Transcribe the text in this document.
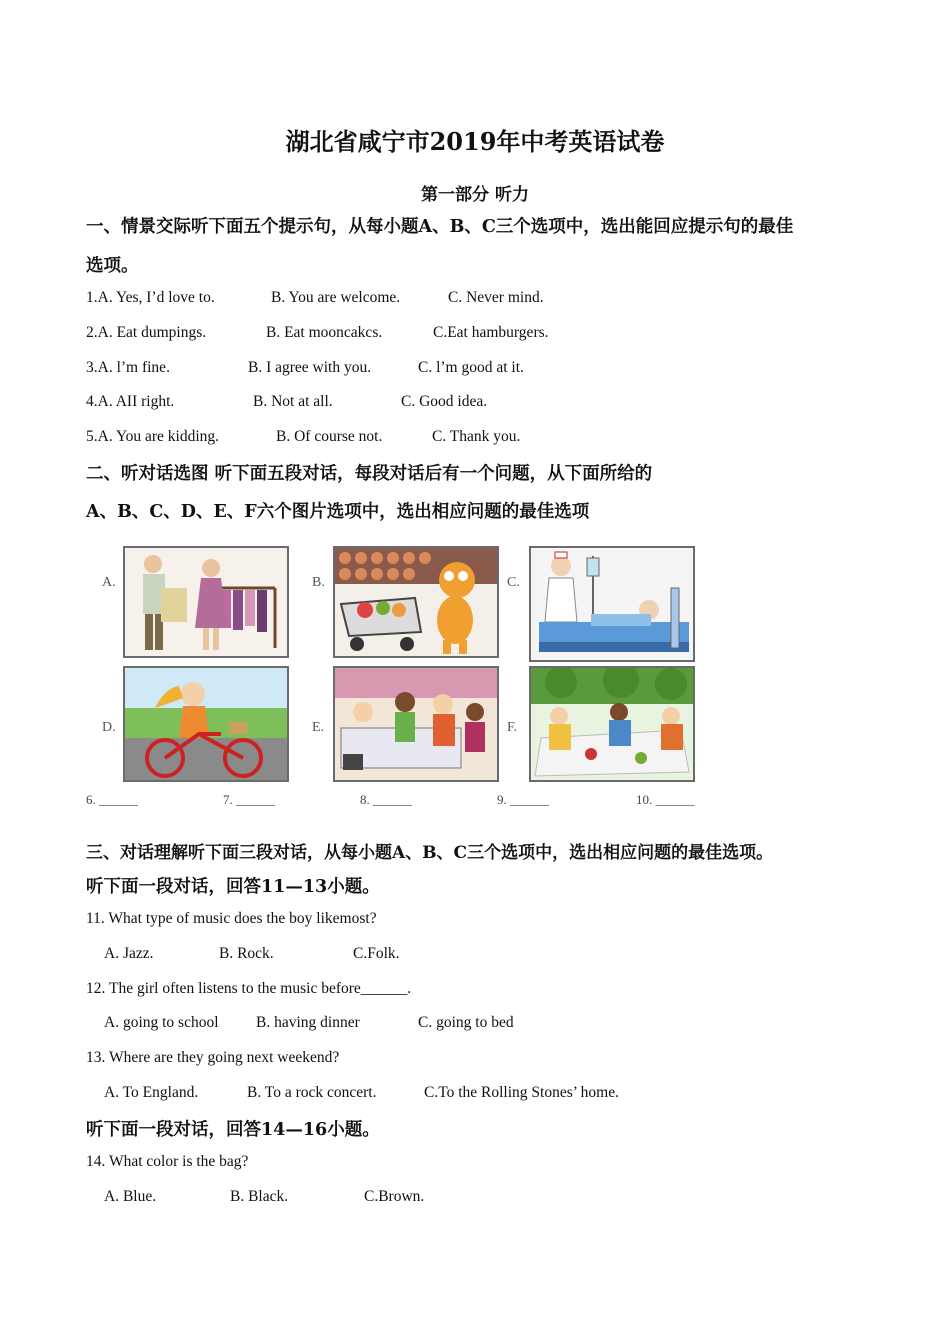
湖北省咸宁市2019年中考英语试卷
第一部分 听力
一、情景交际听下面五个提示句，从每小题A、B、C三个选项中，选出能回应提示句的最佳
选项。
1.A. Yes, I’d love to.	B. You are welcome.	C. Never mind.
2.A. Eat dumpings.	B. Eat mooncakcs.	C.Eat hamburgers.
3.A. l’m fine.	B. I agree with you.	C. l’m good at it.
4.A. AII right.	B. Not at all.	C. Good idea.
5.A. You are kidding.	B. Of course not.	C. Thank you.
二、听对话选图 听下面五段对话，每段对话后有一个问题，从下面所给的
A、B、C、D、E、F六个图片选项中，选出相应问题的最佳选项
A.	B.	C.
D.	E.	F.
6. ______	7. ______	8. ______	9. ______	10. ______
三、对话理解听下面三段对话，从每小题A、B、C三个选项中，选出相应问题的最佳选项。
听下面一段对话，回答11—13小题。
11. What type of music does the boy likemost?
A. Jazz.	B. Rock.	C.Folk.
12. The girl often listens to the music before______.
A. going to school B. having dinner	C. going to bed
13. Where are they going next weekend?
A. To England.	B. To a rock concert.	C.To the Rolling Stones’ home.
听下面一段对话，回答14—16小题。
14. What color is the bag?
A. Blue.	B. Black.	C.Brown.
